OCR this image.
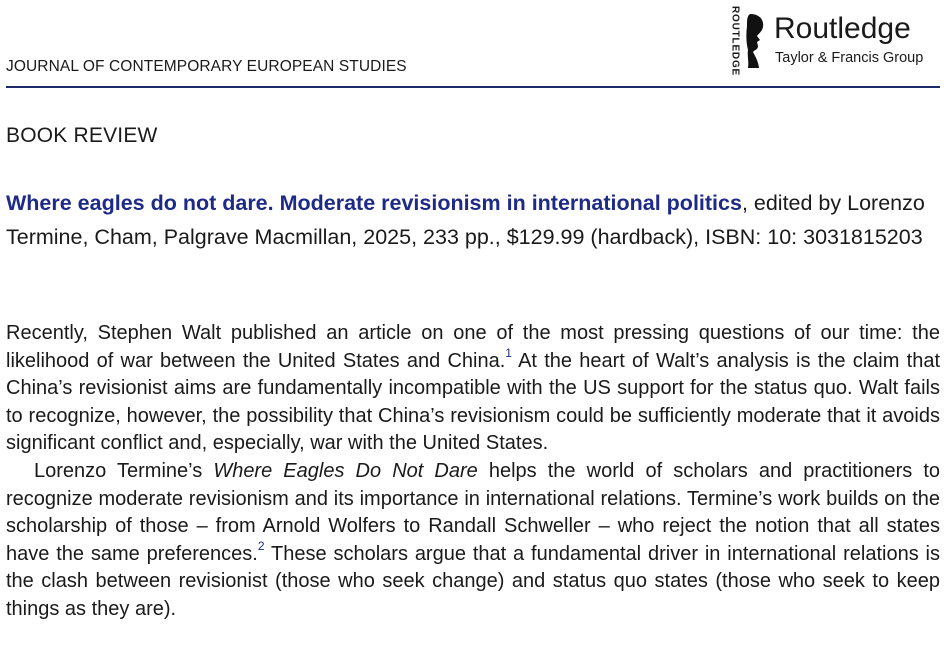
JOURNAL OF CONTEMPORARY EUROPEAN STUDIES	ROUTLEDGE Routledge
Taylor & Francis Group
BOOK REVIEW
Where eagles do not dare. Moderate revisionism in international politics, edited by Lorenzo Termine, Cham, Palgrave Macmillan, 2025, 233 pp., $129.99 (hardback), ISBN: 10: 3031815203

Recently, Stephen Walt published an article on one of the most pressing questions of our time: the likelihood of war between the United States and China.$^1$ At the heart of Walt’s analysis is the claim that China’s revisionist aims are fundamentally incompatible with the US support for the status quo. Walt fails to recognize, however, the possibility that China’s revisionism could be sufficiently moderate that it avoids significant conflict and, especially, war with the United States.

Lorenzo Termine’s Where Eagles Do Not Dare helps the world of scholars and practitioners to recognize moderate revisionism and its importance in international relations. Termine’s work builds on the scholarship of those – from Arnold Wolfers to Randall Schweller – who reject the notion that all states have the same preferences.$^2$ These scholars argue that a fundamental driver in international relations is the clash between revisionist (those who seek change) and status quo states (those who seek to keep things as they are).
